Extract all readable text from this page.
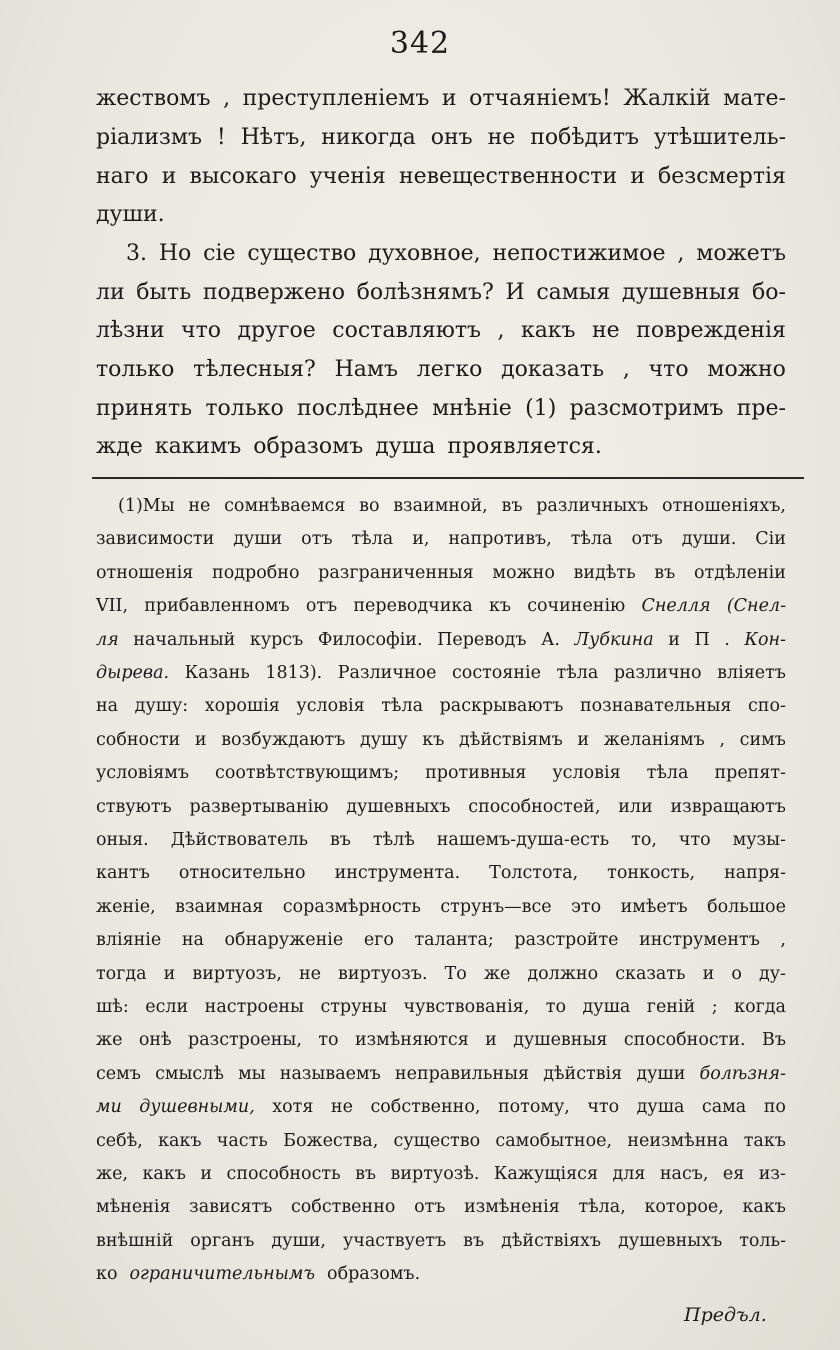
342
жествомъ , преступленіемъ и отчаяніемъ! Жалкій мате-
ріализмъ ! Нѣтъ, никогда онъ не побѣдитъ утѣшитель-
наго и высокаго ученія невещественности и безсмертія
души.
3. Но сіе существо духовное, непостижимое , можетъ
ли быть подвержено болѣзнямъ? И самыя душевныя бо-
лѣзни что другое составляютъ , какъ не поврежденія
только тѣлесныя? Намъ легко доказать , что можно
принять только послѣднее мнѣніе (1) разсмотримъ пре-
жде какимъ образомъ душа проявляется.
(1)Мы не сомнѣваемся во взаимной, въ различныхъ отношеніяхъ,
зависимости души отъ тѣла и, напротивъ, тѣла отъ души. Сіи
отношенія подробно разграниченныя можно видѣть въ отдѣленіи
VII, прибавленномъ отъ переводчика къ сочиненію Снелля (Снел-
ля начальный курсъ Философіи. Переводъ А. Лубкина и П . Кон-
дырева. Казань 1813). Различное состояніе тѣла различно вліяетъ
на душу: хорошія условія тѣла раскрываютъ познавательныя спо-
собности и возбуждаютъ душу къ дѣйствіямъ и желаніямъ , симъ
условіямъ соотвѣтствующимъ; противныя условія тѣла препят-
ствуютъ развертыванію душевныхъ способностей, или извращаютъ
оныя. Дѣйствователь въ тѣлѣ нашемъ-душа-есть то, что музы-
кантъ относительно инструмента. Толстота, тонкость, напря-
женіе, взаимная соразмѣрность струнъ—все это имѣетъ большое
вліяніе на обнаруженіе его таланта; разстройте инструментъ ,
тогда и виртуозъ, не виртуозъ. То же должно сказать и о ду-
шѣ: если настроены струны чувствованія, то душа геній ; когда
же онѣ разстроены, то измѣняются и душевныя способности. Въ
семъ смыслѣ мы называемъ неправильныя дѣйствія души болѣзня-
ми душевными, хотя не собственно, потому, что душа сама по
себѣ, какъ часть Божества, существо самобытное, неизмѣнна такъ
же, какъ и способность въ виртуозѣ. Кажущіяся для насъ, ея из-
мѣненія зависятъ собственно отъ измѣненія тѣла, которое, какъ
внѣшній органъ души, участвуетъ въ дѣйствіяхъ душевныхъ толь-
ко ограничительнымъ образомъ.
Предъл.
